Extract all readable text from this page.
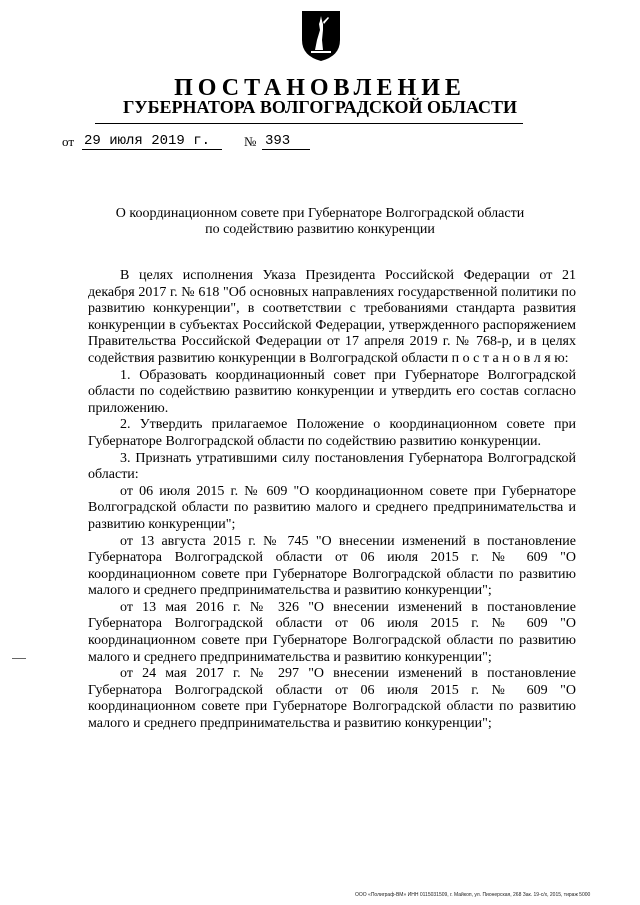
ПОСТАНОВЛЕНИЕ
ГУБЕРНАТОРА ВОЛГОГРАДСКОЙ ОБЛАСТИ
от 29 июля 2019 г.	№ 393
О координационном совете при Губернаторе Волгоградской области
по содействию развитию конкуренции

В целях исполнения Указа Президента Российской Федерации от 21 декабря 2017 г. № 618 "Об основных направлениях государственной политики по развитию конкуренции", в соответствии с требованиями стандарта развития конкуренции в субъектах Российской Федерации, утвержденного распоряжением Правительства Российской Федерации от 17 апреля 2019 г. № 768-р, и в целях содействия развитию конкуренции в Волгоградской области п о с т а н о в л я ю:

1. Образовать координационный совет при Губернаторе Волгоградской области по содействию развитию конкуренции и утвердить его состав согласно приложению.

2. Утвердить прилагаемое Положение о координационном совете при Губернаторе Волгоградской области по содействию развитию конкуренции.

3. Признать утратившими силу постановления Губернатора Волгоградской области:

от 06 июля 2015 г. № 609 "О координационном совете при Губернаторе Волгоградской области по развитию малого и среднего предпринимательства и развитию конкуренции";

от 13 августа 2015 г. № 745 "О внесении изменений в постановление Губернатора Волгоградской области от 06 июля 2015 г. № 609 "О координационном совете при Губернаторе Волгоградской области по развитию малого и среднего предпринимательства и развитию конкуренции";

от 13 мая 2016 г. № 326 "О внесении изменений в постановление Губернатора Волгоградской области от 06 июля 2015 г. № 609 "О координационном совете при Губернаторе Волгоградской области по развитию малого и среднего предпринимательства и развитию конкуренции";

от 24 мая 2017 г. № 297 "О внесении изменений в постановление Губернатора Волгоградской области от 06 июля 2015 г. № 609 "О координационном совете при Губернаторе Волгоградской области по развитию малого и среднего предпринимательства и развитию конкуренции";

ООО «Полиграф-ВМ» ИНН 0115031509, г. Майкоп, ул. Пионерская, 268 Зак. 19-с/х, 2015, тираж 5000
